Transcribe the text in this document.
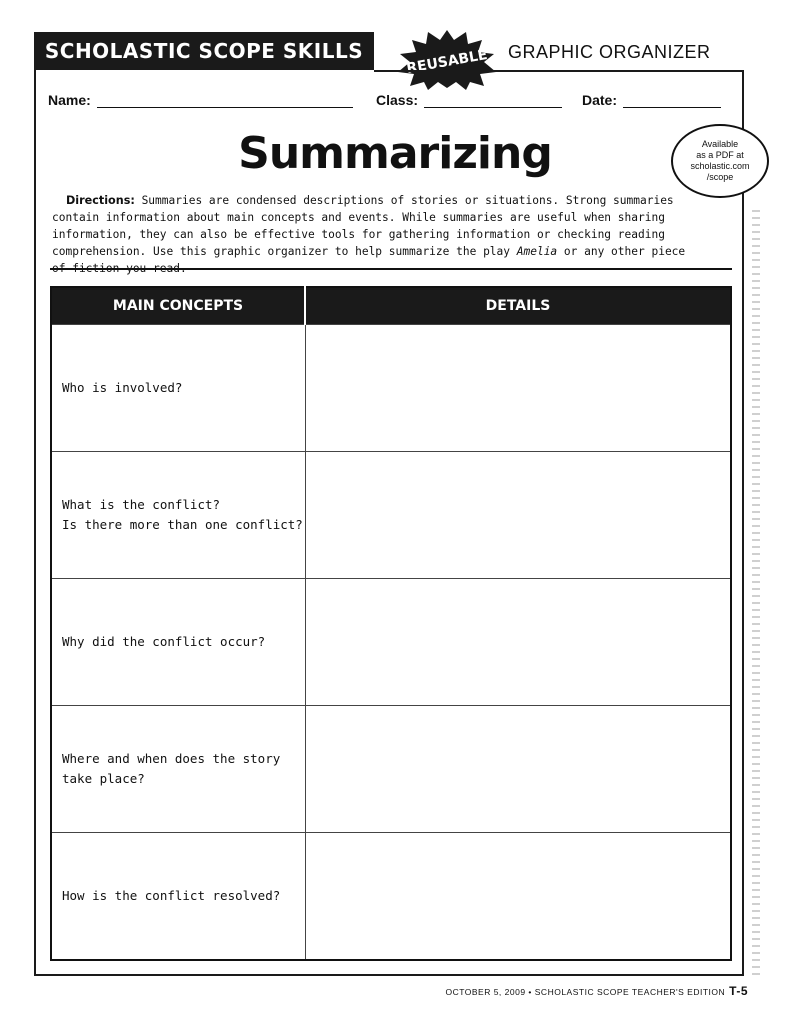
SCHOLASTIC SCOPE SKILLS	REUSABLE GRAPHIC ORGANIZER
Name:	Class:	Date:
Summarizing	Available
as a PDF at
scholastic.com
/scope
Directions: Summaries are condensed descriptions of stories or situations. Strong summaries contain information about main concepts and events. While summaries are useful when sharing information, they can also be effective tools for gathering information or checking reading comprehension. Use this graphic organizer to help summarize the play Amelia or any other piece of fiction you read.
MAIN CONCEPTS	DETAILS

Who is involved?	

What is the conflict?
Is there more than one conflict?	

Why did the conflict occur?	

Where and when does the story
take place?	

How is the conflict resolved?	

OCTOBER 5, 2009 • SCHOLASTIC SCOPE TEACHER'S EDITION T-5
